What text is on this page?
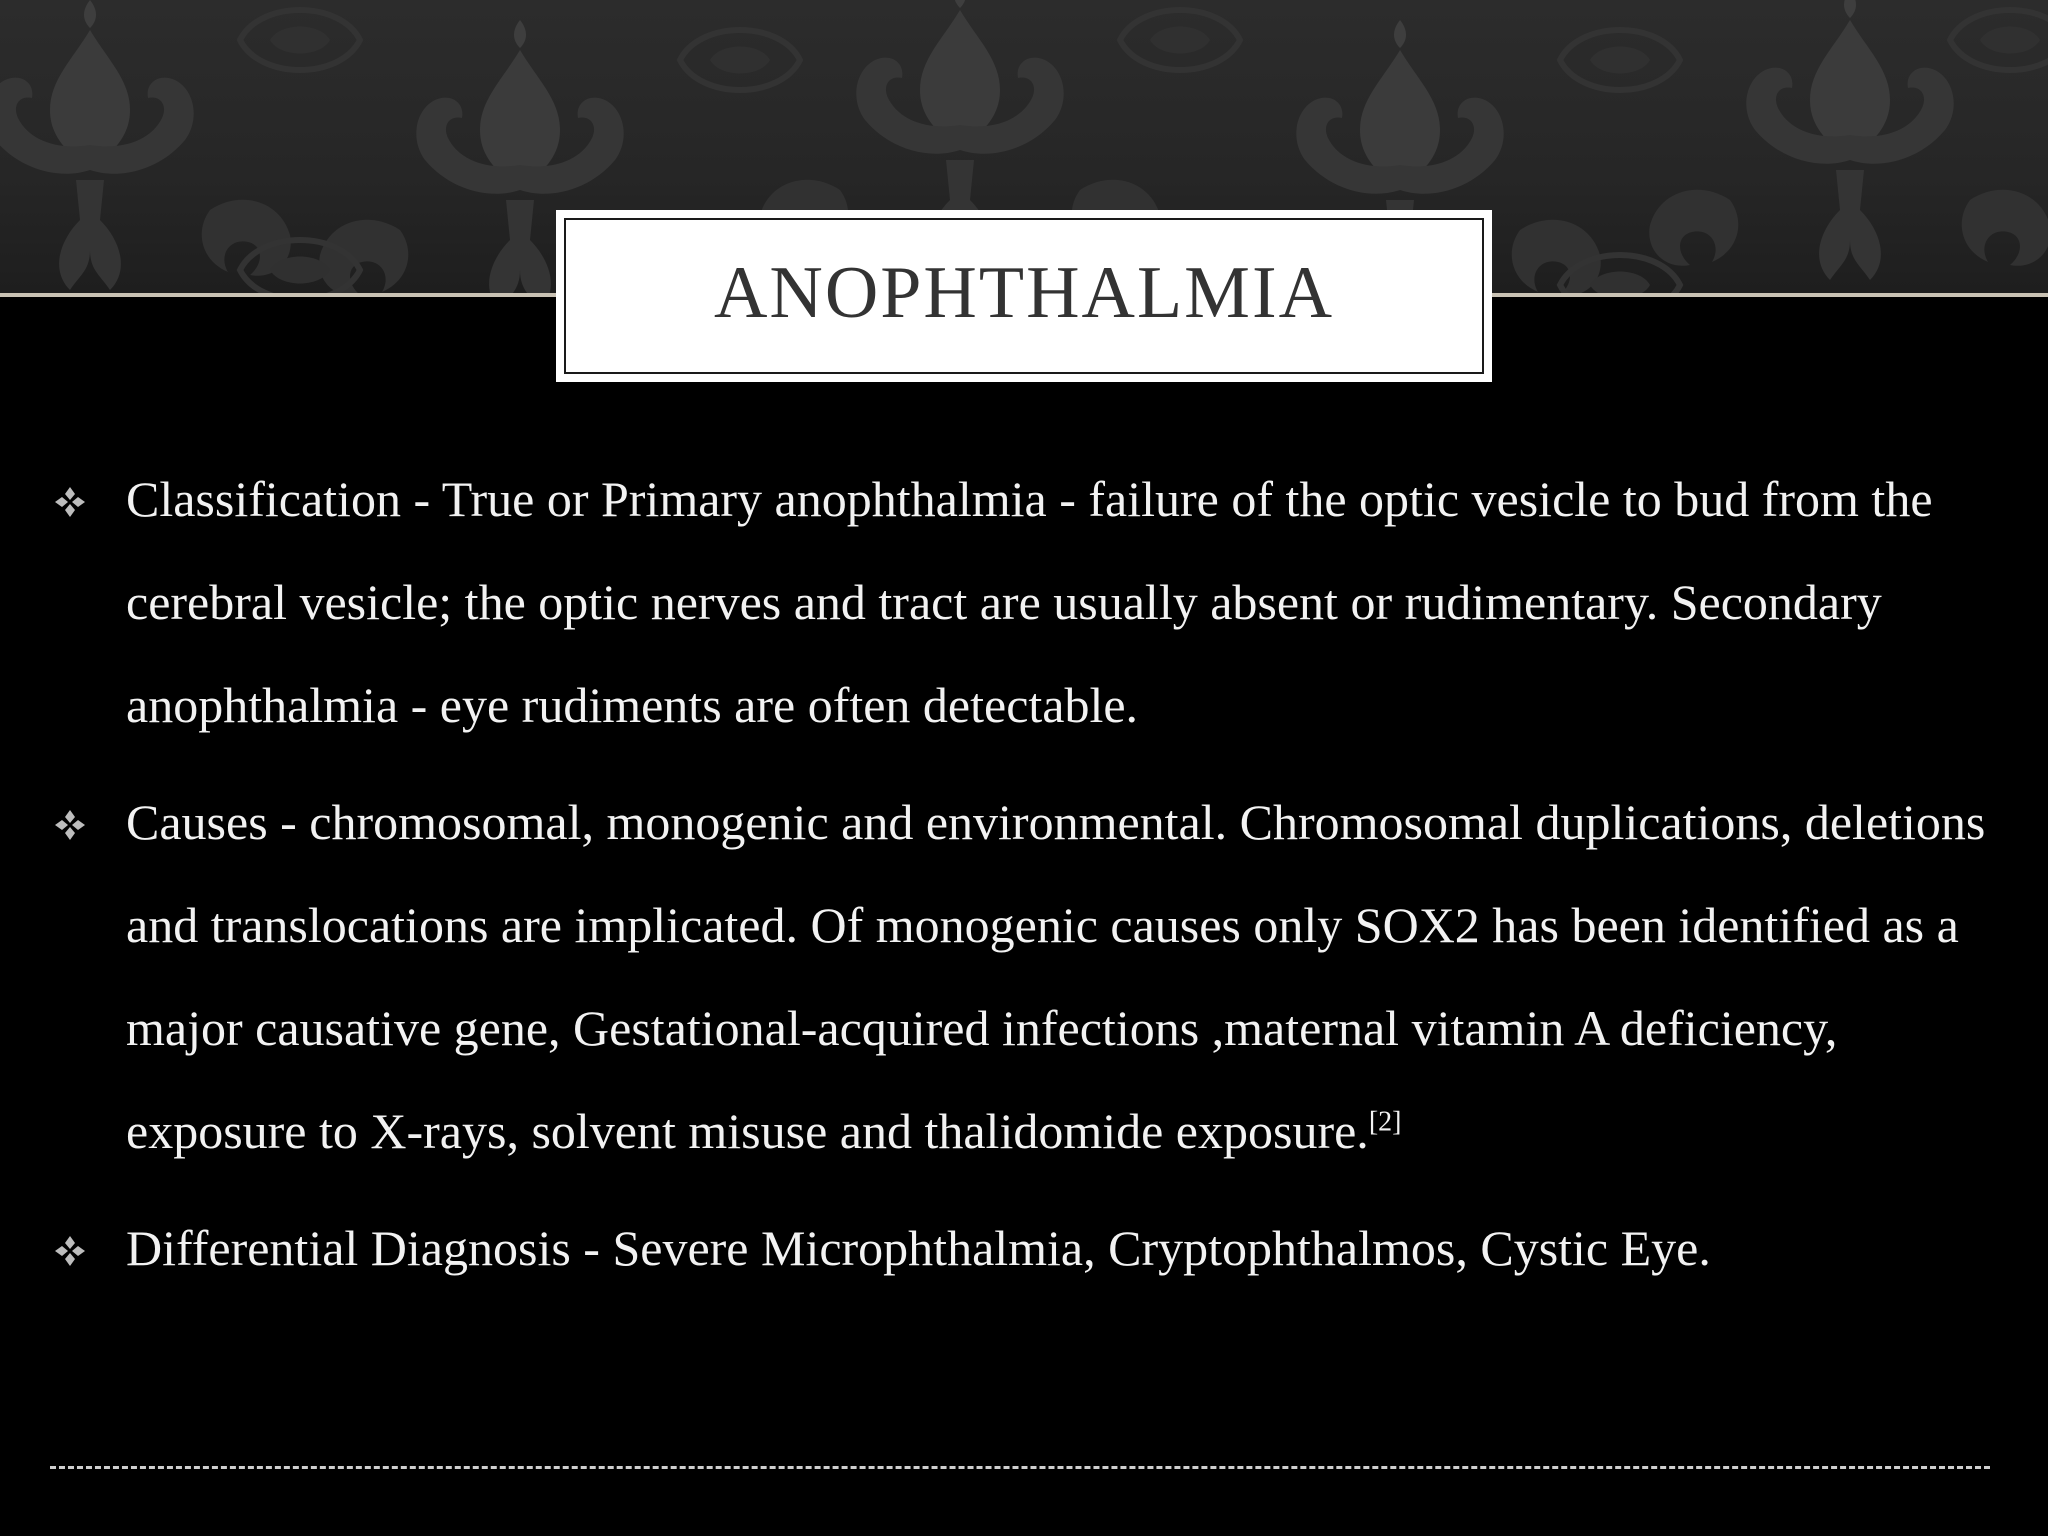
ANOPHTHALMIA
Classification - True or Primary anophthalmia - failure of the optic vesicle to bud from the cerebral vesicle; the optic nerves and tract are usually absent or rudimentary. Secondary anophthalmia - eye rudiments are often detectable.
Causes - chromosomal, monogenic and environmental. Chromosomal duplications, deletions and translocations are implicated. Of monogenic causes only SOX2 has been identified as a major causative gene, Gestational-acquired infections ,maternal vitamin A deficiency, exposure to X-rays, solvent misuse and thalidomide exposure.[2]
Differential Diagnosis - Severe Microphthalmia, Cryptophthalmos, Cystic Eye.
